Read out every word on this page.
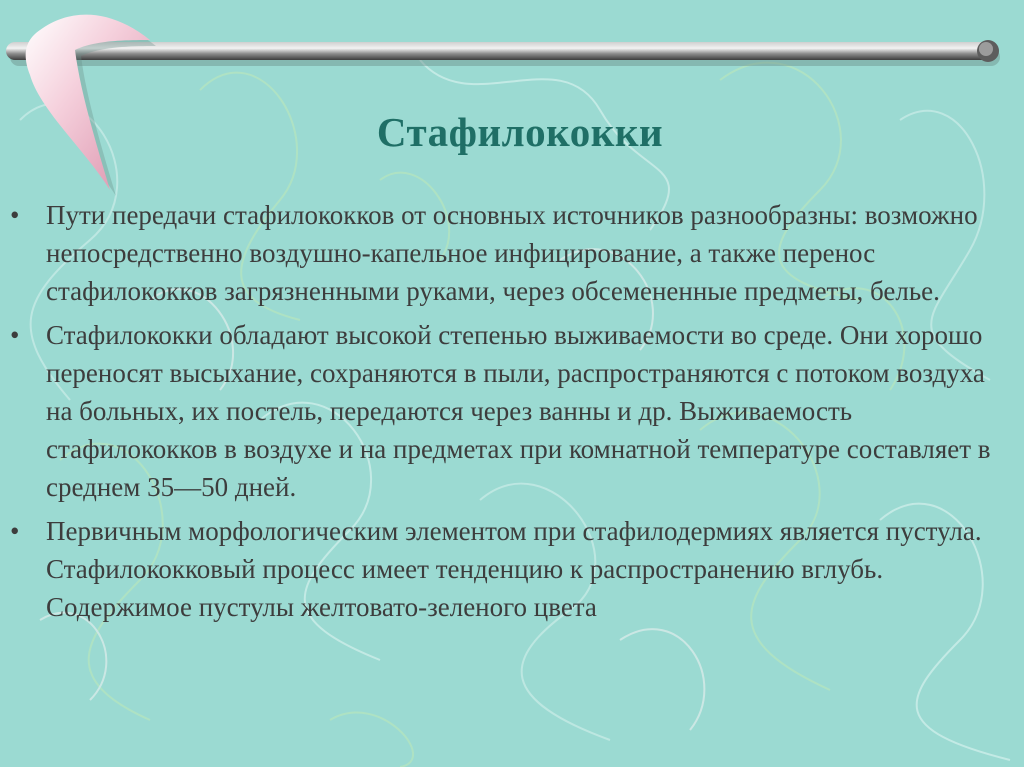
Стафилококки
• Пути передачи стафилококков от основных источников разнообразны: возможно непосредственно воздушно-капельное инфицирование, а также перенос стафилококков загрязненными руками, через обсемененные предметы, белье.
• Стафилококки обладают высокой степенью выживаемости во среде. Они хорошо переносят высыхание, сохраняются в пыли, распространяются с потоком воздуха на больных, их постель, передаются через ванны и др. Выживаемость стафилококков в воздухе и на предметах при комнатной температуре составляет в среднем 35—50 дней.
• Первичным морфологическим элементом при стафилодермиях является пустула. Стафилококковый процесс имеет тенденцию к распространению вглубь. Содержимое пустулы желтовато-зеленого цвета
